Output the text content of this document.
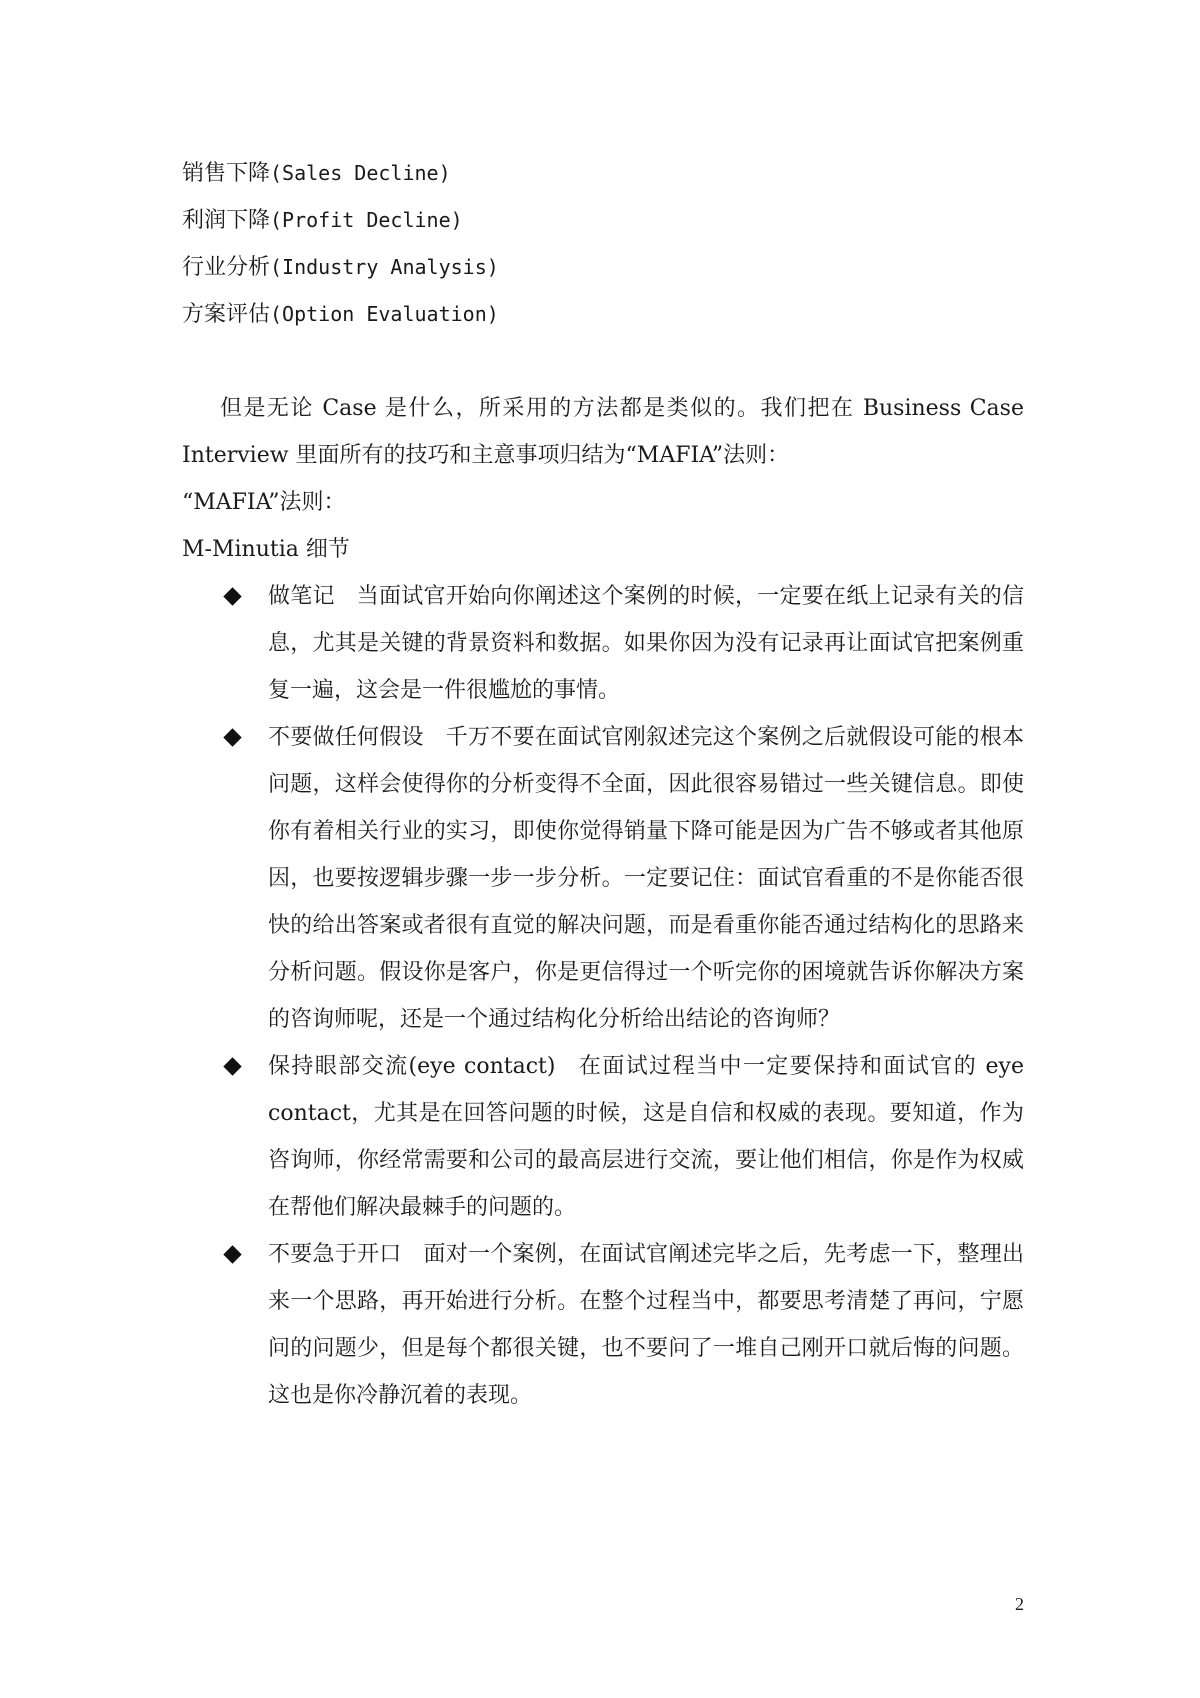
销售下降(Sales Decline)

利润下降(Profit Decline)

行业分析(Industry Analysis)

方案评估(Option Evaluation)

但是无论 Case 是什么，所采用的方法都是类似的。我们把在 Business Case Interview 里面所有的技巧和主意事项归结为“MAFIA”法则：

“MAFIA”法则：

M-Minutia 细节

做笔记 当面试官开始向你阐述这个案例的时候，一定要在纸上记录有关的信息，尤其是关键的背景资料和数据。如果你因为没有记录再让面试官把案例重复一遍，这会是一件很尴尬的事情。
不要做任何假设 千万不要在面试官刚叙述完这个案例之后就假设可能的根本问题，这样会使得你的分析变得不全面，因此很容易错过一些关键信息。即使你有着相关行业的实习，即使你觉得销量下降可能是因为广告不够或者其他原因，也要按逻辑步骤一步一步分析。一定要记住：面试官看重的不是你能否很快的给出答案或者很有直觉的解决问题，而是看重你能否通过结构化的思路来分析问题。假设你是客户，你是更信得过一个听完你的困境就告诉你解决方案的咨询师呢，还是一个通过结构化分析给出结论的咨询师？
保持眼部交流(eye contact) 在面试过程当中一定要保持和面试官的 eye contact，尤其是在回答问题的时候，这是自信和权威的表现。要知道，作为咨询师，你经常需要和公司的最高层进行交流，要让他们相信，你是作为权威在帮他们解决最棘手的问题的。
不要急于开口 面对一个案例，在面试官阐述完毕之后，先考虑一下，整理出来一个思路，再开始进行分析。在整个过程当中，都要思考清楚了再问，宁愿问的问题少，但是每个都很关键，也不要问了一堆自己刚开口就后悔的问题。这也是你冷静沉着的表现。
2
